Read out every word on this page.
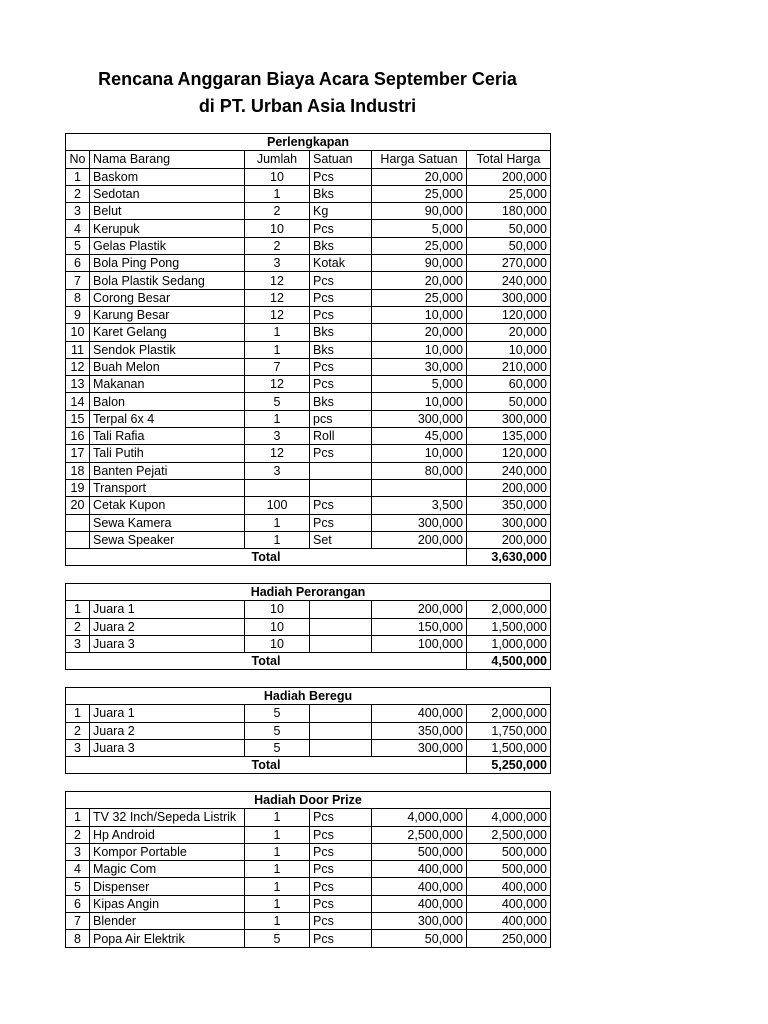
Rencana Anggaran Biaya Acara September Ceria
di PT. Urban Asia Industri
Perlengkapan					
No	Nama Barang	Jumlah	Satuan	Harga Satuan	Total Harga
1	Baskom	10	Pcs	20,000	200,000
2	Sedotan	1	Bks	25,000	25,000
3	Belut	2	Kg	90,000	180,000
4	Kerupuk	10	Pcs	5,000	50,000
5	Gelas Plastik	2	Bks	25,000	50,000
6	Bola Ping Pong	3	Kotak	90,000	270,000
7	Bola Plastik Sedang	12	Pcs	20,000	240,000
8	Corong Besar	12	Pcs	25,000	300,000
9	Karung Besar	12	Pcs	10,000	120,000
10	Karet Gelang	1	Bks	20,000	20,000
11	Sendok Plastik	1	Bks	10,000	10,000
12	Buah Melon	7	Pcs	30,000	210,000
13	Makanan	12	Pcs	5,000	60,000
14	Balon	5	Bks	10,000	50,000
15	Terpal 6x 4	1	pcs	300,000	300,000
16	Tali Rafia	3	Roll	45,000	135,000
17	Tali Putih	12	Pcs	10,000	120,000
18	Banten Pejati	3		80,000	240,000
19	Transport				200,000
20	Cetak Kupon	100	Pcs	3,500	350,000
	Sewa Kamera	1	Pcs	300,000	300,000
	Sewa Speaker	1	Set	200,000	200,000
Total					3,630,000
Hadiah Perorangan					
1	Juara 1	10		200,000	2,000,000
2	Juara 2	10		150,000	1,500,000
3	Juara 3	10		100,000	1,000,000
Total					4,500,000
Hadiah Beregu					
1	Juara 1	5		400,000	2,000,000
2	Juara 2	5		350,000	1,750,000
3	Juara 3	5		300,000	1,500,000
Total					5,250,000
Hadiah Door Prize					
1	TV 32 Inch/Sepeda Listrik	1	Pcs	4,000,000	4,000,000
2	Hp Android	1	Pcs	2,500,000	2,500,000
3	Kompor Portable	1	Pcs	500,000	500,000
4	Magic Com	1	Pcs	400,000	500,000
5	Dispenser	1	Pcs	400,000	400,000
6	Kipas Angin	1	Pcs	400,000	400,000
7	Blender	1	Pcs	300,000	400,000
8	Popa Air Elektrik	5	Pcs	50,000	250,000
